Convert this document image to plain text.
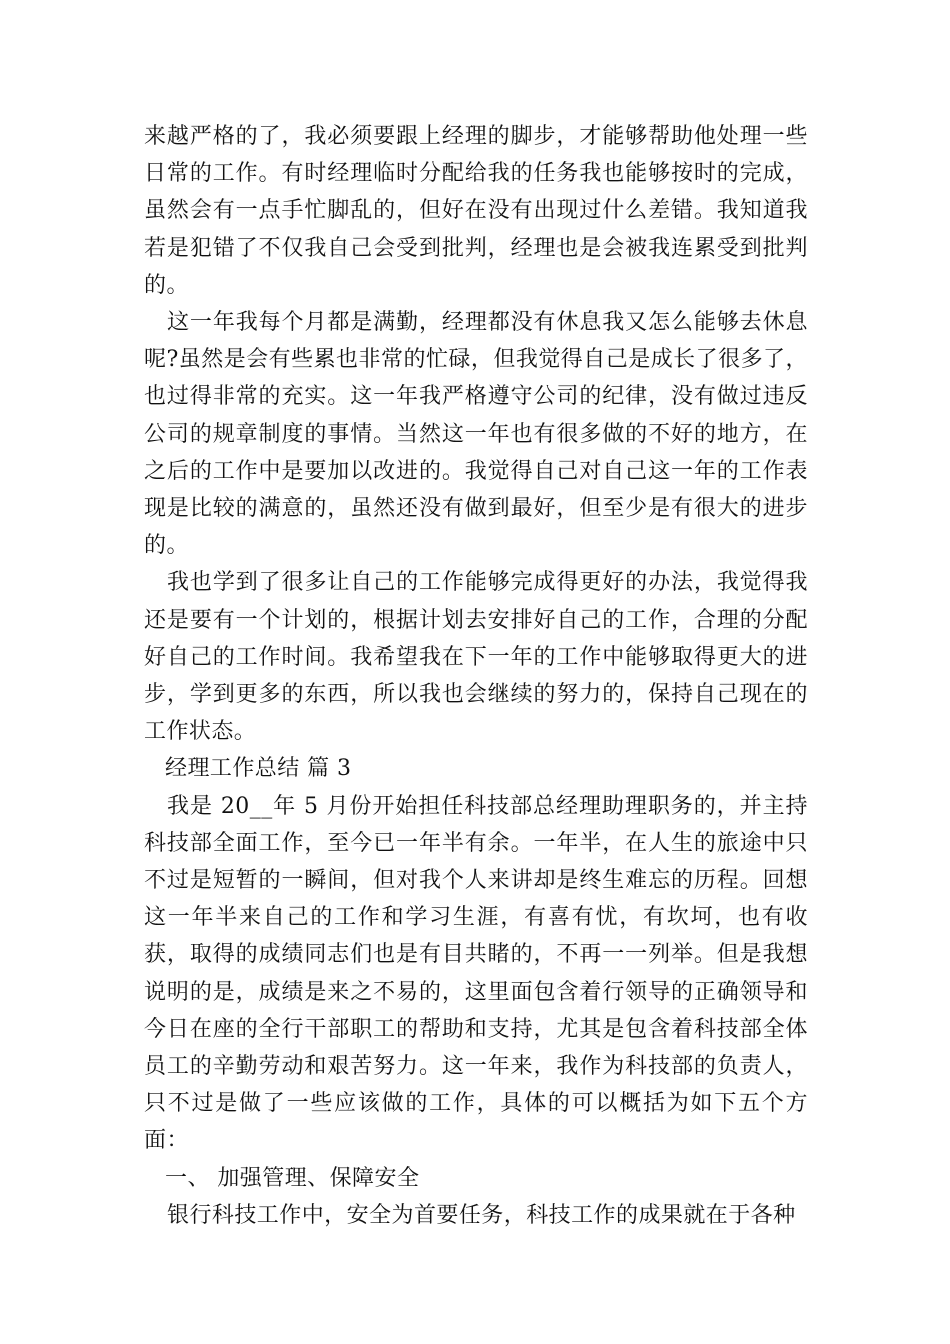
来越严格的了，我必须要跟上经理的脚步，才能够帮助他处理一些日常的工作。有时经理临时分配给我的任务我也能够按时的完成，虽然会有一点手忙脚乱的，但好在没有出现过什么差错。我知道我若是犯错了不仅我自己会受到批判，经理也是会被我连累受到批判的。

这一年我每个月都是满勤，经理都没有休息我又怎么能够去休息呢?虽然是会有些累也非常的忙碌，但我觉得自己是成长了很多了，也过得非常的充实。这一年我严格遵守公司的纪律，没有做过违反公司的规章制度的事情。当然这一年也有很多做的不好的地方，在之后的工作中是要加以改进的。我觉得自己对自己这一年的工作表现是比较的满意的，虽然还没有做到最好，但至少是有很大的进步的。

我也学到了很多让自己的工作能够完成得更好的办法，我觉得我还是要有一个计划的，根据计划去安排好自己的工作，合理的分配好自己的工作时间。我希望我在下一年的工作中能够取得更大的进步，学到更多的东西，所以我也会继续的努力的，保持自己现在的工作状态。

经理工作总结 篇 3

我是 20__年 5 月份开始担任科技部总经理助理职务的，并主持科技部全面工作，至今已一年半有余。一年半，在人生的旅途中只不过是短暂的一瞬间，但对我个人来讲却是终生难忘的历程。回想这一年半来自己的工作和学习生涯，有喜有忧，有坎坷，也有收获，取得的成绩同志们也是有目共睹的，不再一一列举。但是我想说明的是，成绩是来之不易的，这里面包含着行领导的正确领导和今日在座的全行干部职工的帮助和支持，尤其是包含着科技部全体员工的辛勤劳动和艰苦努力。这一年来，我作为科技部的负责人，只不过是做了一些应该做的工作，具体的可以概括为如下五个方面：

一、 加强管理、保障安全

银行科技工作中，安全为首要任务，科技工作的成果就在于各种
